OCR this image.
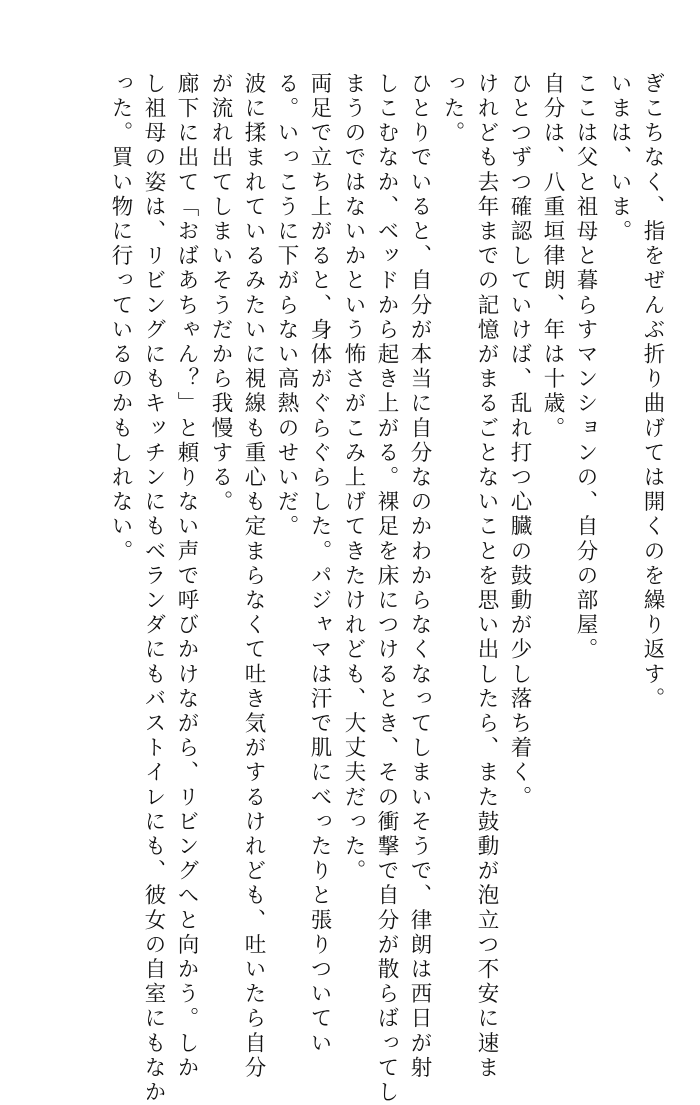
ぎこちなく、指をぜんぶ折り曲げては開くのを繰り返す。
いまは、いま。
ここは父と祖母と暮らすマンションの、自分の部屋。
自分は、八重垣律朗、年は十歳。
ひとつずつ確認していけば、乱れ打つ心臓の鼓動が少し落ち着く。
けれども去年までの記憶がまるごとないことを思い出したら、また鼓動が泡立つ不安に速ま
った。
ひとりでいると、自分が本当に自分なのかわからなくなってしまいそうで、律朗は西日が射
しこむなか、ベッドから起き上がる。裸足を床につけるとき、その衝撃で自分が散らばってし
まうのではないかという怖さがこみ上げてきたけれども、大丈夫だった。
両足で立ち上がると、身体がぐらぐらした。パジャマは汗で肌にべったりと張りついてい
る。いっこうに下がらない高熱のせいだ。
波に揉まれているみたいに視線も重心も定まらなくて吐き気がするけれども、吐いたら自分
が流れ出てしまいそうだから我慢する。
廊下に出て「おばあちゃん？」と頼りない声で呼びかけながら、リビングへと向かう。しか
し祖母の姿は、リビングにもキッチンにもベランダにもバストイレにも、彼女の自室にもなか
った。買い物に行っているのかもしれない。
